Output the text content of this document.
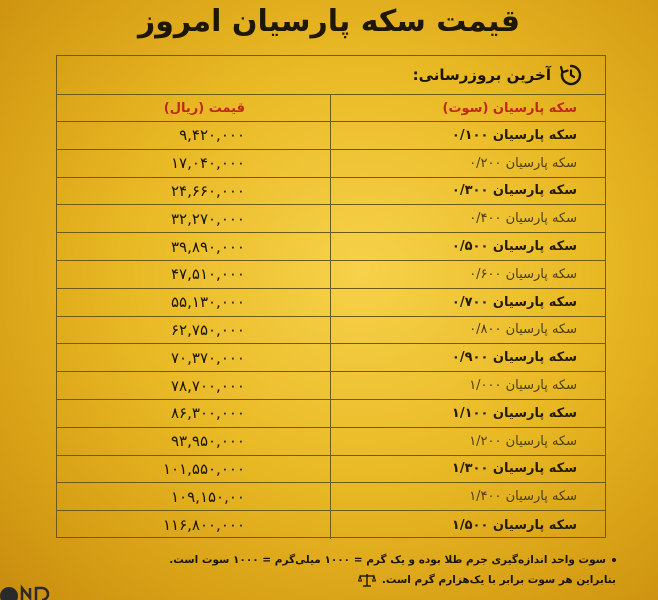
قیمت سکه پارسیان امروز
آخرین بروزرسانی:
سکه پارسیان (سوت)
قیمت (ریال)
سکه پارسیان ۰/۱۰۰
۹,۴۲۰,۰۰۰
سکه پارسیان ۰/۲۰۰
۱۷,۰۴۰,۰۰۰
سکه پارسیان ۰/۳۰۰
۲۴,۶۶۰,۰۰۰
سکه پارسیان ۰/۴۰۰
۳۲,۲۷۰,۰۰۰
سکه پارسیان ۰/۵۰۰
۳۹,۸۹۰,۰۰۰
سکه پارسیان ۰/۶۰۰
۴۷,۵۱۰,۰۰۰
سکه پارسیان ۰/۷۰۰
۵۵,۱۳۰,۰۰۰
سکه پارسیان ۰/۸۰۰
۶۲,۷۵۰,۰۰۰
سکه پارسیان ۰/۹۰۰
۷۰,۳۷۰,۰۰۰
سکه پارسیان ۱/۰۰۰
۷۸,۷۰۰,۰۰۰
سکه پارسیان ۱/۱۰۰
۸۶,۳۰۰,۰۰۰
سکه پارسیان ۱/۲۰۰
۹۳,۹۵۰,۰۰۰
سکه پارسیان ۱/۳۰۰
۱۰۱,۵۵۰,۰۰۰
سکه پارسیان ۱/۴۰۰
۱۰۹,۱۵۰,۰۰
سکه پارسیان ۱/۵۰۰
۱۱۶,۸۰۰,۰۰۰
سوت واحد اندازه‌گیری جرم طلا بوده و یک گرم = ۱۰۰۰ میلی‌گرم = ۱۰۰۰ سوت است.
بنابراین هر سوت برابر با یک‌هزارم گرم است.
